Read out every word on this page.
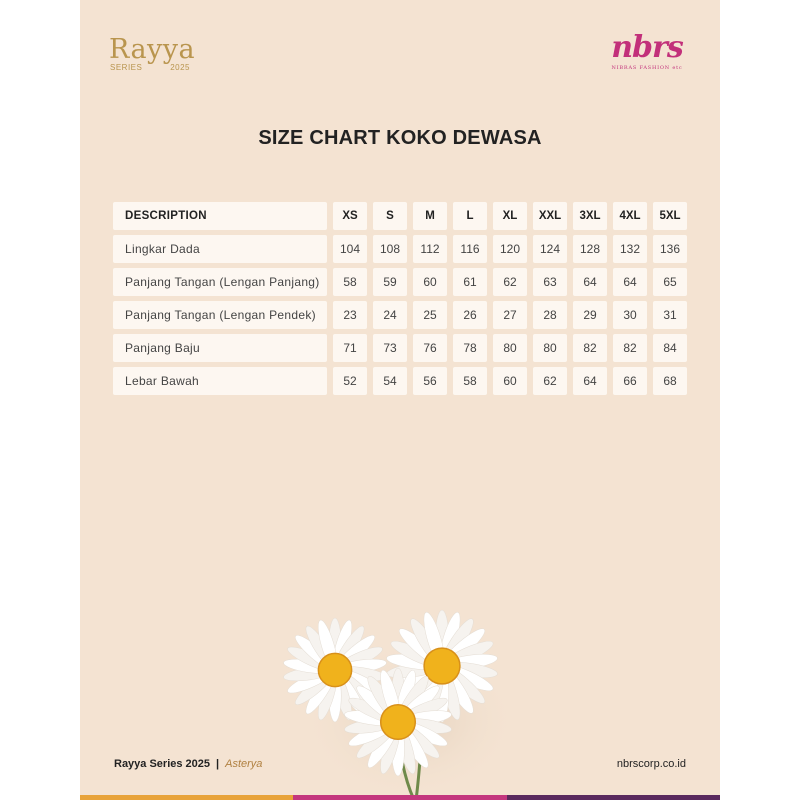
Rayya
SERIES	2025
nbrs
NIBRAS FASHION etc
SIZE CHART KOKO DEWASA
DESCRIPTION	XS	S	M	L	XL	XXL	3XL	4XL	5XL
Lingkar Dada	104	108	112	116	120	124	128	132	136
Panjang Tangan (Lengan Panjang)	58	59	60	61	62	63	64	64	65
Panjang Tangan (Lengan Pendek)	23	24	25	26	27	28	29	30	31
Panjang Baju	71	73	76	78	80	80	82	82	84
Lebar Bawah	52	54	56	58	60	62	64	66	68
Rayya Series 2025 | Asterya	nbrscorp.co.id
